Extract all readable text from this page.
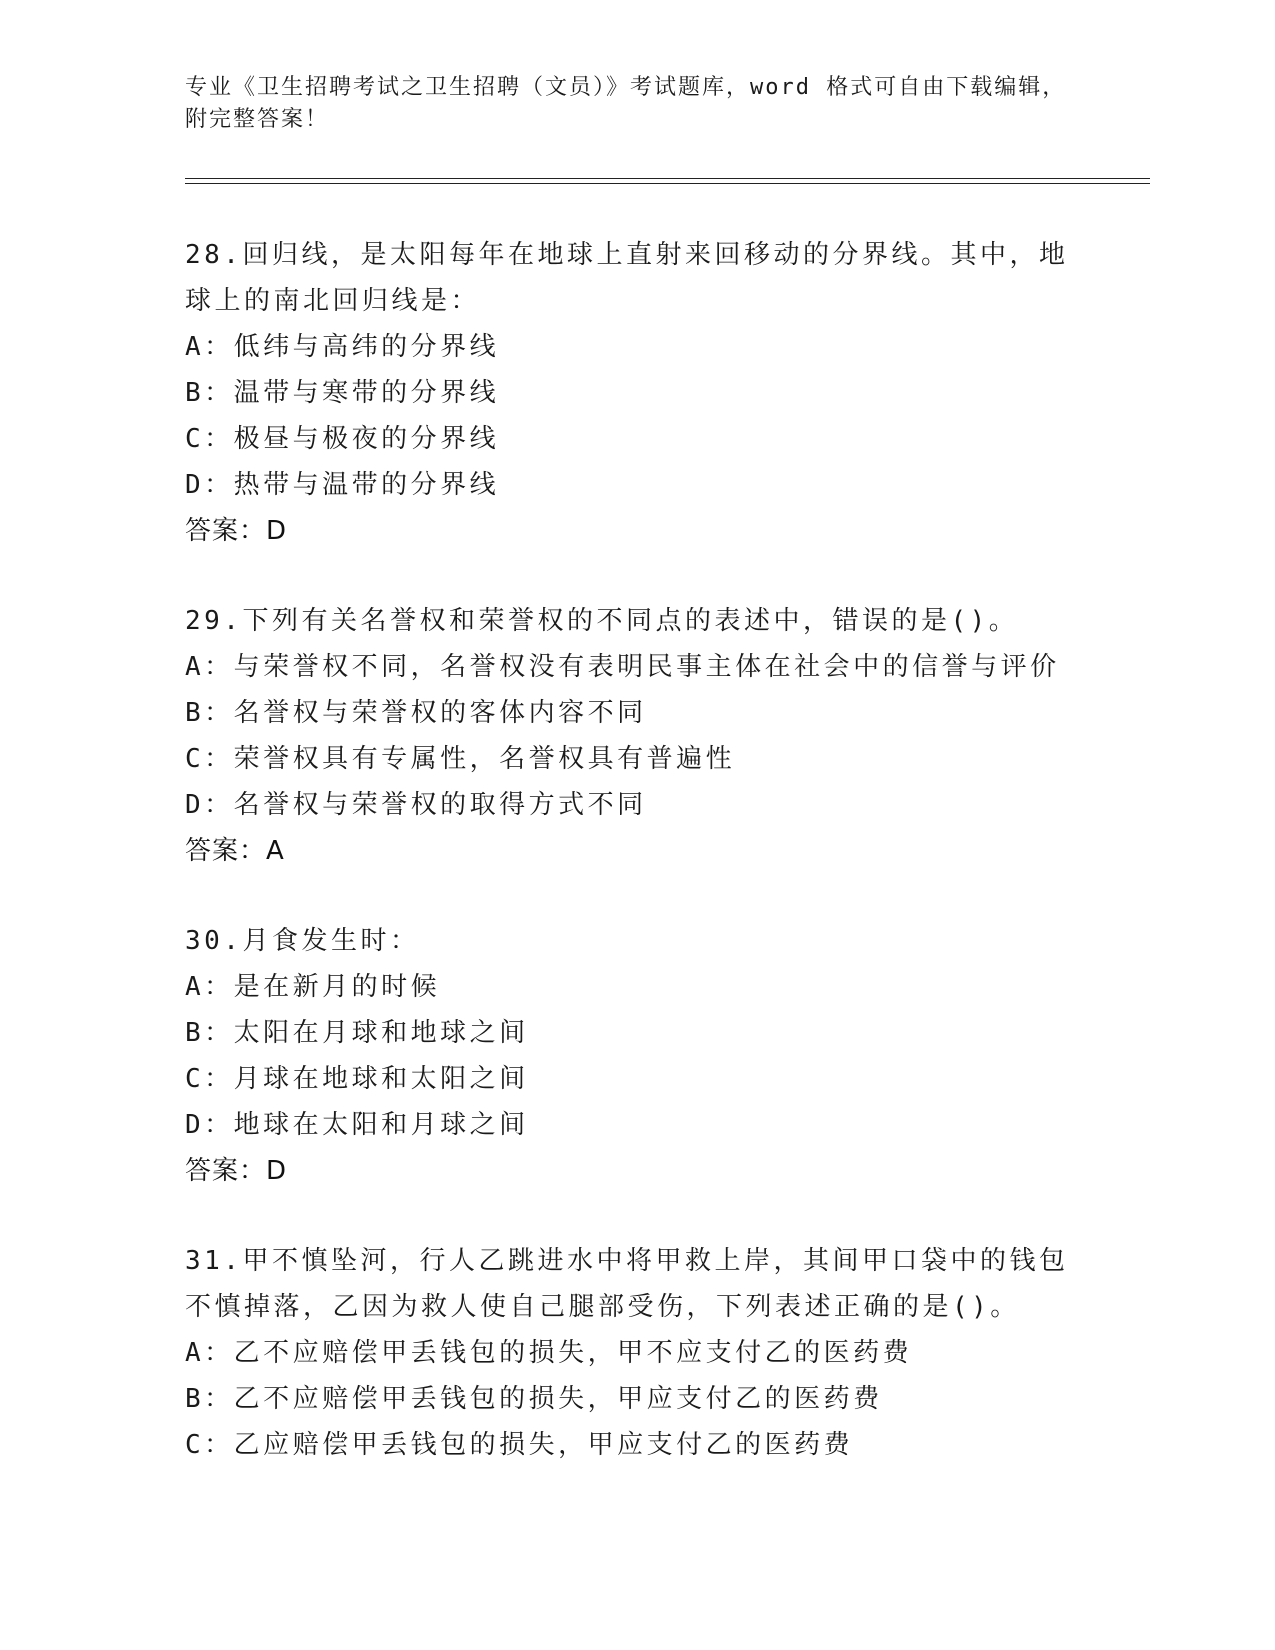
专业《卫生招聘考试之卫生招聘（文员）》考试题库，word 格式可自由下载编辑，附完整答案！
28.回归线，是太阳每年在地球上直射来回移动的分界线。其中，地球上的南北回归线是：
A：低纬与高纬的分界线
B：温带与寒带的分界线
C：极昼与极夜的分界线
D：热带与温带的分界线
答案：D
29.下列有关名誉权和荣誉权的不同点的表述中，错误的是()。
A：与荣誉权不同，名誉权没有表明民事主体在社会中的信誉与评价
B：名誉权与荣誉权的客体内容不同
C：荣誉权具有专属性，名誉权具有普遍性
D：名誉权与荣誉权的取得方式不同
答案：A
30.月食发生时：
A：是在新月的时候
B：太阳在月球和地球之间
C：月球在地球和太阳之间
D：地球在太阳和月球之间
答案：D
31.甲不慎坠河，行人乙跳进水中将甲救上岸，其间甲口袋中的钱包不慎掉落，乙因为救人使自己腿部受伤，下列表述正确的是()。
A：乙不应赔偿甲丢钱包的损失，甲不应支付乙的医药费
B：乙不应赔偿甲丢钱包的损失，甲应支付乙的医药费
C：乙应赔偿甲丢钱包的损失，甲应支付乙的医药费
